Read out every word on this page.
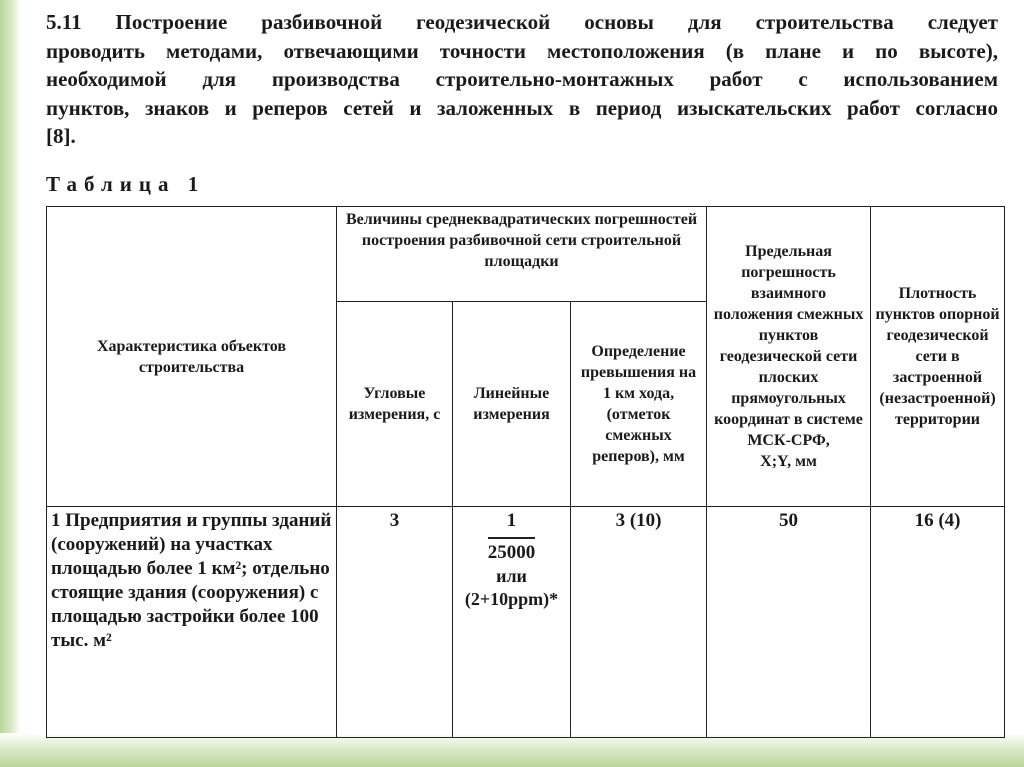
5.11 Построение разбивочной геодезической основы для строительства следует
проводить методами, отвечающими точности местоположения (в плане и по высоте),
необходимой для производства строительно-монтажных работ с использованием
пунктов, знаков и реперов сетей и заложенных в период изыскательских работ согласно
[8].
Таблица 1
Характеристика объектов строительства	Величины среднеквадратических погрешностей построения разбивочной сети строительной площадки			Предельная погрешность взаимного положения смежных пунктов геодезической сети плоских прямоугольных координат в системе МСК-СРФ,
X;Y, мм	Плотность пунктов опорной геодезической сети в застроенной (незастроенной) территории
	Угловые измерения, с	Линейные измерения	Определение превышения на 1 км хода, (отметок смежных реперов), мм		
1 Предприятия и группы зданий (сооружений) на участках площадью более 1 км²; отдельно стоящие здания (сооружения) с площадью застройки более 100 тыс. м²	3	$\frac{1}{25000}$
или
(2+10ppm)*	3 (10)	50	16 (4)
